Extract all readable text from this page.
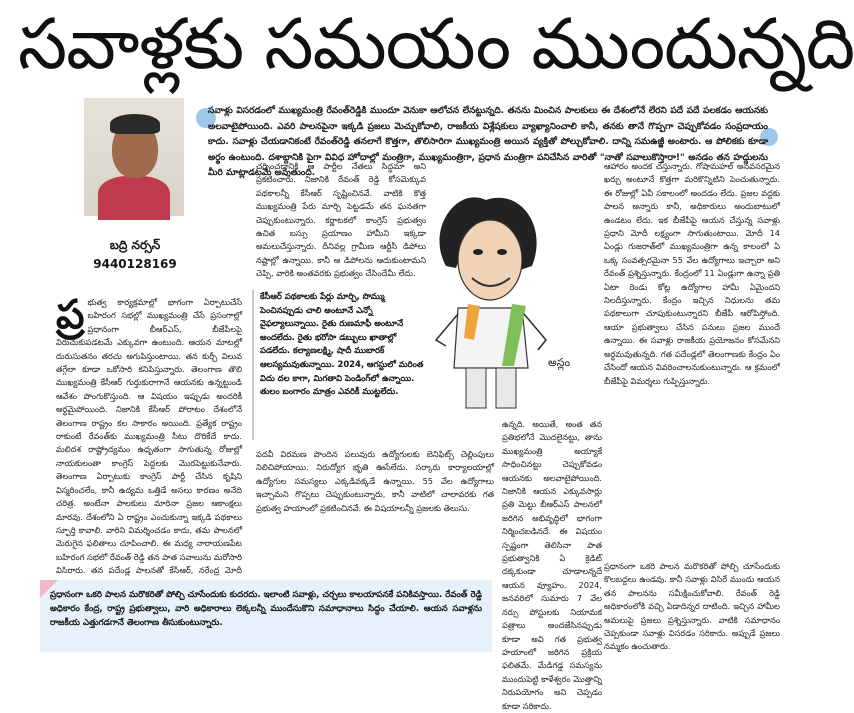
సవాళ్లకు సమయం ముందున్నది
బద్రి నర్సన్
9440128169

సవాళ్లు విసరడంలో ముఖ్యమంత్రి రేవంత్‌రెడ్డికి ముందూ వెనుకా ఆలోచన లేనట్టున్నది. తనను మించిన పాలకులు ఈ దేశంలోనే లేరని పదే పదే పలకడం ఆయనకు అలవాటైపోయింది. ఎవరి పాలనపైనా ఇక్కడి ప్రజలు మెచ్చుకోవాలి, రాజకీయ విశ్లేషకులు వ్యాఖ్యానించాలి కానీ, తనకు తానే గొప్పగా చెప్పుకోవడం సంప్రదాయం కాదు. సవాళ్లు చేయడానికంటే రేవంత్‌రెడ్డి తనలాగే కొత్తగా, తొలిసారిగా ముఖ్యమంత్రి అయిన వ్యక్తితో పోల్చుకోవాలి. దాన్ని సమఉజ్జీ అంటారు. ఆ పోలికకు కూడా అర్థం ఉంటుంది. దశాబ్దానికి పైగా వివిధ హోదాల్లో మంత్రిగా, ముఖ్యమంత్రిగా, ప్రధాన మంత్రిగా పనిచేసిన వారితో "నాతో సవాలుకొస్తారా!" అనడం తన హద్దులను మీరి మాట్లాడటమే అవుతుంది.

ప్ర భుత్వ కార్యక్రమాల్లో భాగంగా ఏర్పాటుచేసే బహిరంగ సభల్లో ముఖ్యమంత్రి చేసే ప్రసంగాల్లో ప్రధానంగా బీఆర్‌ఎస్, బీజేపీలపై విరుచుకుపడటమే ఎక్కువగా ఉంటుంది. ఆయన మాటల్లో దురుసుతనం తరచు అగుపిస్తుంటాయి. తన కుర్చీ విలువ తగ్గేలా కూడా ఒకోసారి కనిపిస్తున్నారు. తెలంగాణ తొలి ముఖ్యమంత్రి కేసీఆర్ గుర్తుకురాగానే ఆయనకు ఉన్నట్టుండి ఆవేశం పొంగుకొస్తుంది. ఆ విషయం ఇప్పుడు అందరికీ అర్థమైపోయింది. నిజానికి కేసీఆర్ పోరాటం దేశంలోనే తెలంగాణ రాష్ట్రం కల సాకారం అయింది. ప్రత్యేక రాష్ట్రం రాకుంటే రేవంత్‌కు ముఖ్యమంత్రి సీటు దొరికేదే కాదు. మలిదశ రాష్ట్రోద్యమం ఉధృతంగా సాగుతున్న రోజుల్లో నాయకులంతా కాంగ్రెస్ పెద్దలకు మొరపెట్టుకునేవారు. తెలంగాణ ఏర్పాటుకు కాంగ్రెస్ పార్టీ చేసిన కృషిని విస్మరించలేం, కానీ ఉద్యమ ఒత్తిడే అసలు కారణం అనేది చరిత్ర. అంటేనా పాలకులు మారినా ప్రజల ఆకాంక్షలు మారవు. దేశంలోని ఏ రాష్ట్రం ఎంచుకున్నా ఇక్కడి పథకాలు స్ఫూర్తి కావాలి. వారిని విమర్శించడం కాదు, తమ పాలనలో మెరుగైన ఫలితాలు చూపించాలి. ఈ మధ్య నారాయణపేట బహిరంగ సభలో రేవంత్ రెడ్డి తన పాత సవాలును మరోసారి విసిరారు. తన పదేండ్ల పాలనతో కేసీఆర్, నరేంద్ర మోదీ

చర్చించడానికి ఆ పార్టీల నేతలు సిద్ధమా అని ప్రకటించారు. నిజానికి రేవంత్ రెడ్డి కోసమెక్కువ పథకాలన్నీ కేసీఆర్ సృష్టించినవే. వాటికి కొత్త ముఖ్యమంత్రి పేరు మార్చి పెట్టడమే తన ఘనతగా చెప్పుకుంటున్నారు. కర్ణాటకలో కాంగ్రెస్ ప్రభుత్వం ఉచిత బస్సు ప్రయాణం హామీని ఇక్కడా అమలుచేస్తున్నారు. దీనివల్ల గ్రామీణ ఆర్టీసీ డిపోలు నష్టాల్లో ఉన్నాయి. కానీ ఆ డిపోలను ఆదుకుంటామని చెప్పి, వారికి అంతవరకు ప్రభుత్వం చేసిందేమీ లేదు.

కేసీఆర్ పథకాలకు పేర్లు మార్చి, సొమ్ము పెంచినప్పుడు చాలి అంటూనే ఎన్నో వైఫల్యాలున్నాయి. రైతు రుణమాఫీ అంటూనే అందలేదు. రైతు భరోసా డబ్బులు ఖాతాల్లో పడలేదు. కల్యాణలక్ష్మి, షాదీ ముబారక్ ఆలస్యమవుతున్నాయి. 2024, ఆగస్టులో మరింత విదు దల కాగా, మిగతావి పెండింగ్‌లో ఉన్నాయి. తులం బంగారం మాత్రం ఎవరికీ ముట్టలేదు.

పదవీ విరమణ పొందిన పలువురు ఉద్యోగులకు బెనిఫిట్స్ చెల్లింపులు నిలిచిపోయాయి. నిరుద్యోగ భృతి ఊసేలేదు. సర్కారు కార్యాలయాల్లో ఉద్యోగుల సమస్యలు ఎక్కడివక్కడే ఉన్నాయి. 55 వేల ఉద్యోగాలు ఇచ్చామని గొప్పలు చెప్పుకుంటున్నారు, కానీ వాటిలో చాలావరకు గత ప్రభుత్వ హయాంలో ప్రకటించినవే. ఈ విషయాలన్నీ ప్రజలకు తెలుసు.

అస్లం

ఉన్నది. అయితే, అంత తన ప్రతిభలోనే మొదలైనట్టు, తాను ముఖ్యమంత్రి అయ్యాకే సాధించినట్టు చెప్పుకోవడం ఆయనకు అలవాటైపోయింది. నిజానికి ఆయన ఎక్కువసార్లు ప్రతి మెట్టు బీఆర్ఎస్ పాలనలో జరిగిన అభివృద్ధిలో భాగంగా నిర్మించబడినదే. ఈ విషయం స్పష్టంగా తెలిసినా పాత ప్రభుత్వానికి ఏ క్రెడిట్ దక్కకుండా చూడాలన్నదే ఆయన వ్యూహం. 2024, జనవరిలో సుమారు 7 వేల నర్సు పోస్టులకు నియామక పత్రాలు అందజేసినప్పుడు కూడా అవి గత ప్రభుత్వ హయాంలో జరిగిన ప్రక్రియ ఫలితమే. మేడిగడ్డ సమస్యను ముందుపెట్టి కాళేశ్వరం మొత్తాన్ని నిరుపయోగం అని చెప్పడం కూడా సరికాదు.

ఆహారం అందక చస్తున్నారు. గోషామహల్ అనవసరమైన ఖర్చు అంటూనే కొత్తగా మరికొన్నిటిని పెంచుతున్నారు. ఈ రోజుల్లో ఏవీ సకాలంలో అందడం లేదు. ప్రజల వద్దకు పాలన అన్నారు కానీ, అధికారులు అందుబాటులో ఉండటం లేదు. ఇక బీజేపీపై ఆయన చేస్తున్న సవాళ్లు ప్రధాని మోదీ లక్ష్యంగా సాగుతుంటాయి. మోదీ 14 ఏండ్లు గుజరాత్‌లో ముఖ్యమంత్రిగా ఉన్న కాలంలో ఏ ఒక్క సంవత్సరమైనా 55 వేల ఉద్యోగాలు ఇచ్చారా అని రేవంత్ ప్రశ్నిస్తున్నారు. కేంద్రంలో 11 ఏండ్లుగా ఉన్నా ప్రతి ఏటా రెండు కోట్ల ఉద్యోగాల హామీ ఏమైందని నిలదీస్తున్నారు. కేంద్రం ఇచ్చిన నిధులను తమ పథకాలుగా చూపుకుంటున్నారని బీజేపీ ఆరోపిస్తోంది. ఆయా ప్రభుత్వాలు చేసిన పనులు ప్రజల ముందే ఉన్నాయి. ఈ సవాళ్లు రాజకీయ ప్రయోజనం కోసమేనని అర్థమవుతున్నది. గత పదేండ్లలో తెలంగాణకు కేంద్రం ఏం చేసిందో ఆయన వివరించాలనుకుంటున్నారు. ఆ క్రమంలో బీజేపీపై విమర్శలు గుప్పిస్తున్నారు.

ప్రధానంగా ఒకరి పాలన మరొకరితో పోల్చి చూసేందుకు కొలబద్దలు ఉండవు. కానీ సవాళ్లు విసిరే ముందు ఆయన తన పాలనను సమీక్షించుకోవాలి. రేవంత్ రెడ్డి అధికారంలోకి వచ్చి ఏడాదిన్నర దాటింది. ఇచ్చిన హామీల అమలుపై ప్రజలు ప్రశ్నిస్తున్నారు. వాటికి సమాధానం చెప్పకుండా సవాళ్లు విసరడం సరికాదు. అప్పుడే ప్రజలు నమ్మకం ఉంచుతారు.

ప్రధానంగా ఒకరి పాలన మరొకరితో పోల్చి చూసేందుకు కుదరదు. ఇలాంటి సవాళ్లు, చర్చలు కాలయాపనకే పనికివస్తాయి. రేవంత్ రెడ్డి అధికారం కేంద్ర, రాష్ట్ర ప్రభుత్వాలు, వారి అధికారాలు లెక్కలన్నీ ముందేసుకొని సమాధానాలు సిద్ధం చేయాలి. ఆయన సవాళ్లను రాజకీయ ఎత్తుగడగానే తెలంగాణ తీసుకుంటున్నారు.
